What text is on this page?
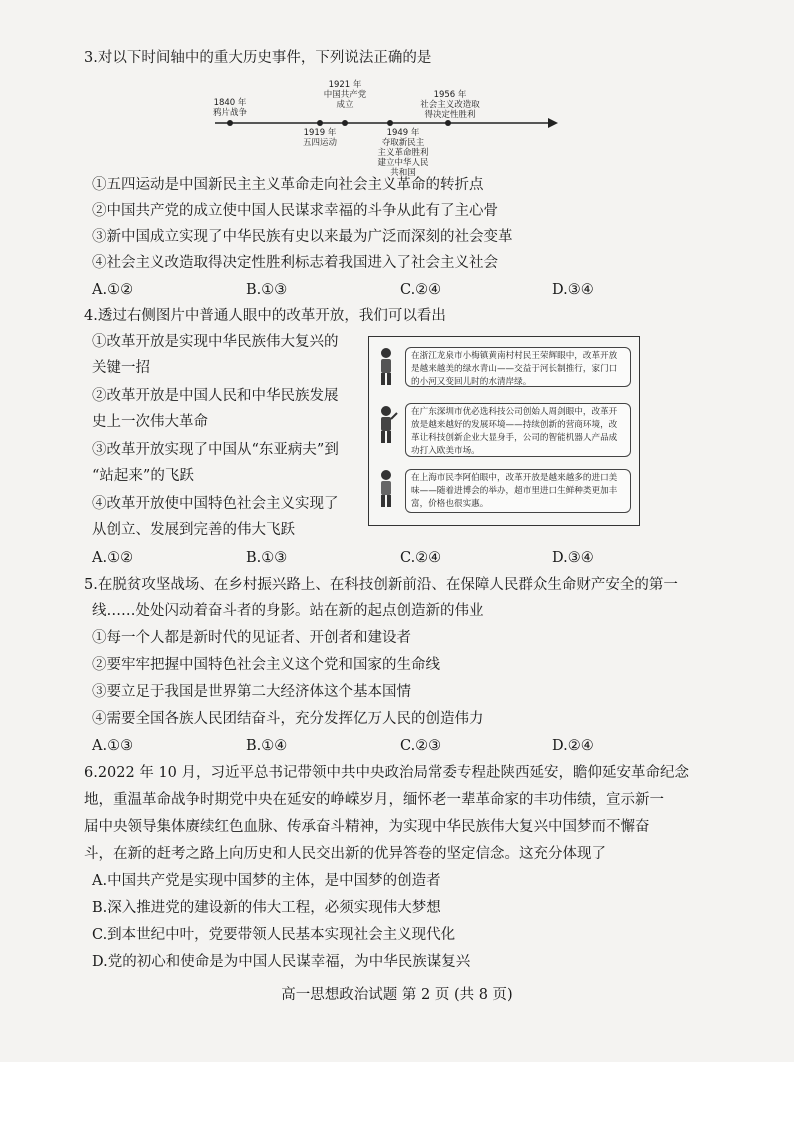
3.对以下时间轴中的重大历史事件，下列说法正确的是
1840 年
鸦片战争
1921 年
中国共产党
成立
1956 年
社会主义改造取
得决定性胜利
1919 年
五四运动
1949 年
夺取新民主
主义革命胜利
建立中华人民
共和国
①五四运动是中国新民主主义革命走向社会主义革命的转折点
②中国共产党的成立使中国人民谋求幸福的斗争从此有了主心骨
③新中国成立实现了中华民族有史以来最为广泛而深刻的社会变革
④社会主义改造取得决定性胜利标志着我国进入了社会主义社会
A.①②	B.①③	C.②④	D.③④
4.透过右侧图片中普通人眼中的改革开放，我们可以看出
①改革开放是实现中华民族伟大复兴的
关键一招
②改革开放是中国人民和中华民族发展
史上一次伟大革命
③改革开放实现了中国从“东亚病夫”到
“站起来”的飞跃
④改革开放使中国特色社会主义实现了
从创立、发展到完善的伟大飞跃
在浙江龙泉市小梅镇黄南村村民王荣辉眼中，改革开放是越来越美的绿水青山——交益于河长制推行，家门口的小河又变回儿时的水清岸绿。
在广东深圳市优必选科技公司创始人周剑眼中，改革开放是越来越好的发展环境——持续创新的营商环境，改革让科技创新企业大显身手，公司的智能机器人产品成功打入欧美市场。
在上海市民李阿伯眼中，改革开放是越来越多的进口美味——随着进博会的举办，超市里进口生鲜种类更加丰富，价格也很实惠。
A.①②	B.①③	C.②④	D.③④
5.在脱贫攻坚战场、在乡村振兴路上、在科技创新前沿、在保障人民群众生命财产安全的第一
线……处处闪动着奋斗者的身影。站在新的起点创造新的伟业
①每一个人都是新时代的见证者、开创者和建设者
②要牢牢把握中国特色社会主义这个党和国家的生命线
③要立足于我国是世界第二大经济体这个基本国情
④需要全国各族人民团结奋斗，充分发挥亿万人民的创造伟力
A.①③	B.①④	C.②③	D.②④
6.2022 年 10 月，习近平总书记带领中共中央政治局常委专程赴陕西延安，瞻仰延安革命纪念
地，重温革命战争时期党中央在延安的峥嵘岁月，缅怀老一辈革命家的丰功伟绩，宣示新一
届中央领导集体赓续红色血脉、传承奋斗精神，为实现中华民族伟大复兴中国梦而不懈奋
斗，在新的赶考之路上向历史和人民交出新的优异答卷的坚定信念。这充分体现了
A.中国共产党是实现中国梦的主体，是中国梦的创造者
B.深入推进党的建设新的伟大工程，必须实现伟大梦想
C.到本世纪中叶，党要带领人民基本实现社会主义现代化
D.党的初心和使命是为中国人民谋幸福，为中华民族谋复兴
高一思想政治试题 第 2 页 (共 8 页)
